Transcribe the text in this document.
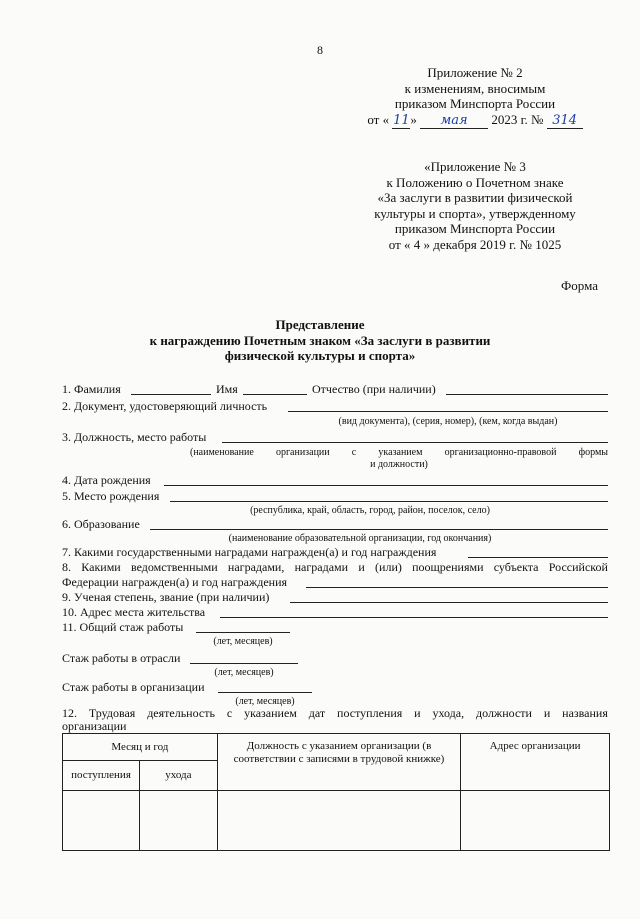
8
Приложение № 2
к изменениям, вносимым
приказом Минспорта России
от « 11» мая 2023 г. № 314
«Приложение № 3
к Положению о Почетном знаке
«За заслуги в развитии физической
культуры и спорта», утвержденному
приказом Минспорта России
от « 4 » декабря 2019 г. № 1025
Форма
Представление
к награждению Почетным знаком «За заслуги в развитии
физической культуры и спорта»
1. Фамилия	Имя	Отчество (при наличии)
2. Документ, удостоверяющий личность
(вид документа), (серия, номер), (кем, когда выдан)
3. Должность, место работы
(наименование организации с указанием организационно-правовой формы
и должности)
4. Дата рождения
5. Место рождения
(республика, край, область, город, район, поселок, село)
6. Образование
(наименование образовательной организации, год окончания)
7. Какими государственными наградами награжден(а) и год награждения
8. Какими ведомственными наградами, наградами и (или) поощрениями субъекта Российской
Федерации награжден(а) и год награждения
9. Ученая степень, звание (при наличии)
10. Адрес места жительства
11. Общий стаж работы
(лет, месяцев)
Стаж работы в отрасли
(лет, месяцев)
Стаж работы в организации
(лет, месяцев)
12. Трудовая деятельность с указанием дат поступления и ухода, должности и названия
организации
Месяц и год		Должность с указанием организации (в соответствии с записями в трудовой книжке)	Адрес организации
поступления	ухода		
